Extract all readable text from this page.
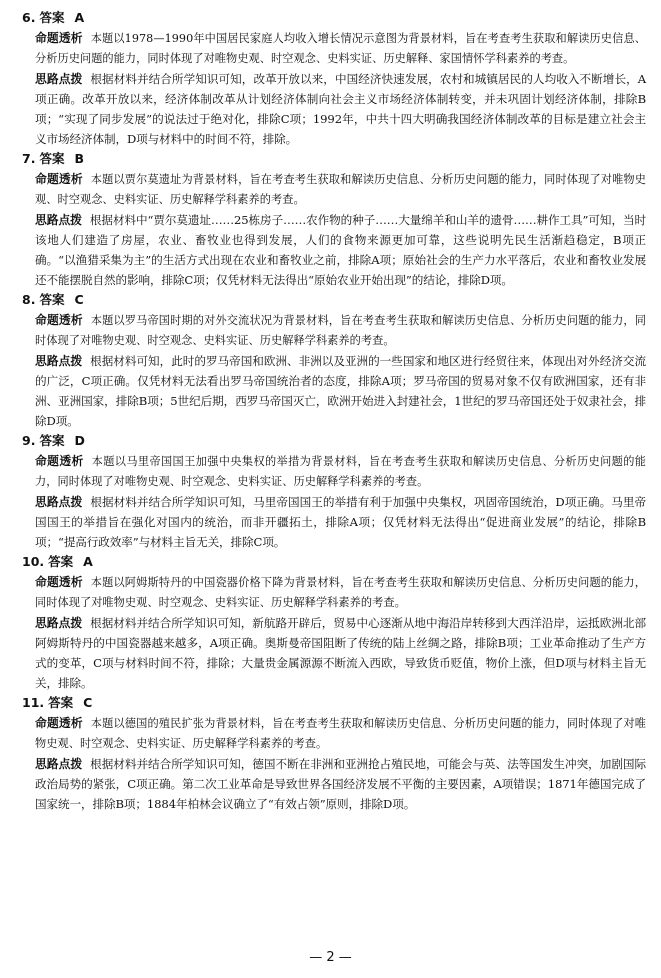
6. 答案 A
命题透析 本题以1978—1990年中国居民家庭人均收入增长情况示意图为背景材料，旨在考查考生获取和解读历史信息、分析历史问题的能力，同时体现了对唯物史观、时空观念、史料实证、历史解释、家国情怀学科素养的考查。
思路点拨 根据材料并结合所学知识可知，改革开放以来，中国经济快速发展，农村和城镇居民的人均收入不断增长，A项正确。改革开放以来，经济体制改革从计划经济体制向社会主义市场经济体制转变，并未巩固计划经济体制，排除B项；“实现了同步发展”的说法过于绝对化，排除C项；1992年，中共十四大明确我国经济体制改革的目标是建立社会主义市场经济体制，D项与材料中的时间不符，排除。
7. 答案 B
命题透析 本题以贾尔莫遗址为背景材料，旨在考查考生获取和解读历史信息、分析历史问题的能力，同时体现了对唯物史观、时空观念、史料实证、历史解释学科素养的考查。
思路点拨 根据材料中“贾尔莫遗址……25栋房子……农作物的种子……大量绵羊和山羊的遗骨……耕作工具”可知，当时该地人们建造了房屋，农业、畜牧业也得到发展，人们的食物来源更加可靠，这些说明先民生活渐趋稳定，B项正确。“以渔猎采集为主”的生活方式出现在农业和畜牧业之前，排除A项；原始社会的生产力水平落后，农业和畜牧业发展还不能摆脱自然的影响，排除C项；仅凭材料无法得出“原始农业开始出现”的结论，排除D项。
8. 答案 C
命题透析 本题以罗马帝国时期的对外交流状况为背景材料，旨在考查考生获取和解读历史信息、分析历史问题的能力，同时体现了对唯物史观、时空观念、史料实证、历史解释学科素养的考查。
思路点拨 根据材料可知，此时的罗马帝国和欧洲、非洲以及亚洲的一些国家和地区进行经贸往来，体现出对外经济交流的广泛，C项正确。仅凭材料无法看出罗马帝国统治者的态度，排除A项；罗马帝国的贸易对象不仅有欧洲国家，还有非洲、亚洲国家，排除B项；5世纪后期，西罗马帝国灭亡，欧洲开始进入封建社会，1世纪的罗马帝国还处于奴隶社会，排除D项。
9. 答案 D
命题透析 本题以马里帝国国王加强中央集权的举措为背景材料，旨在考查考生获取和解读历史信息、分析历史问题的能力，同时体现了对唯物史观、时空观念、史料实证、历史解释学科素养的考查。
思路点拨 根据材料并结合所学知识可知，马里帝国国王的举措有利于加强中央集权，巩固帝国统治，D项正确。马里帝国国王的举措旨在强化对国内的统治，而非开疆拓土，排除A项；仅凭材料无法得出“促进商业发展”的结论，排除B项；“提高行政效率”与材料主旨无关，排除C项。
10. 答案 A
命题透析 本题以阿姆斯特丹的中国瓷器价格下降为背景材料，旨在考查考生获取和解读历史信息、分析历史问题的能力，同时体现了对唯物史观、时空观念、史料实证、历史解释学科素养的考查。
思路点拨 根据材料并结合所学知识可知，新航路开辟后，贸易中心逐渐从地中海沿岸转移到大西洋沿岸，运抵欧洲北部阿姆斯特丹的中国瓷器越来越多，A项正确。奥斯曼帝国阻断了传统的陆上丝绸之路，排除B项；工业革命推动了生产方式的变革，C项与材料时间不符，排除；大量贵金属源源不断流入西欧，导致货币贬值，物价上涨，但D项与材料主旨无关，排除。
11. 答案 C
命题透析 本题以德国的殖民扩张为背景材料，旨在考查考生获取和解读历史信息、分析历史问题的能力，同时体现了对唯物史观、时空观念、史料实证、历史解释学科素养的考查。
思路点拨 根据材料并结合所学知识可知，德国不断在非洲和亚洲抢占殖民地，可能会与英、法等国发生冲突，加剧国际政治局势的紧张，C项正确。第二次工业革命是导致世界各国经济发展不平衡的主要因素，A项错误；1871年德国完成了国家统一，排除B项；1884年柏林会议确立了“有效占领”原则，排除D项。
— 2 —
